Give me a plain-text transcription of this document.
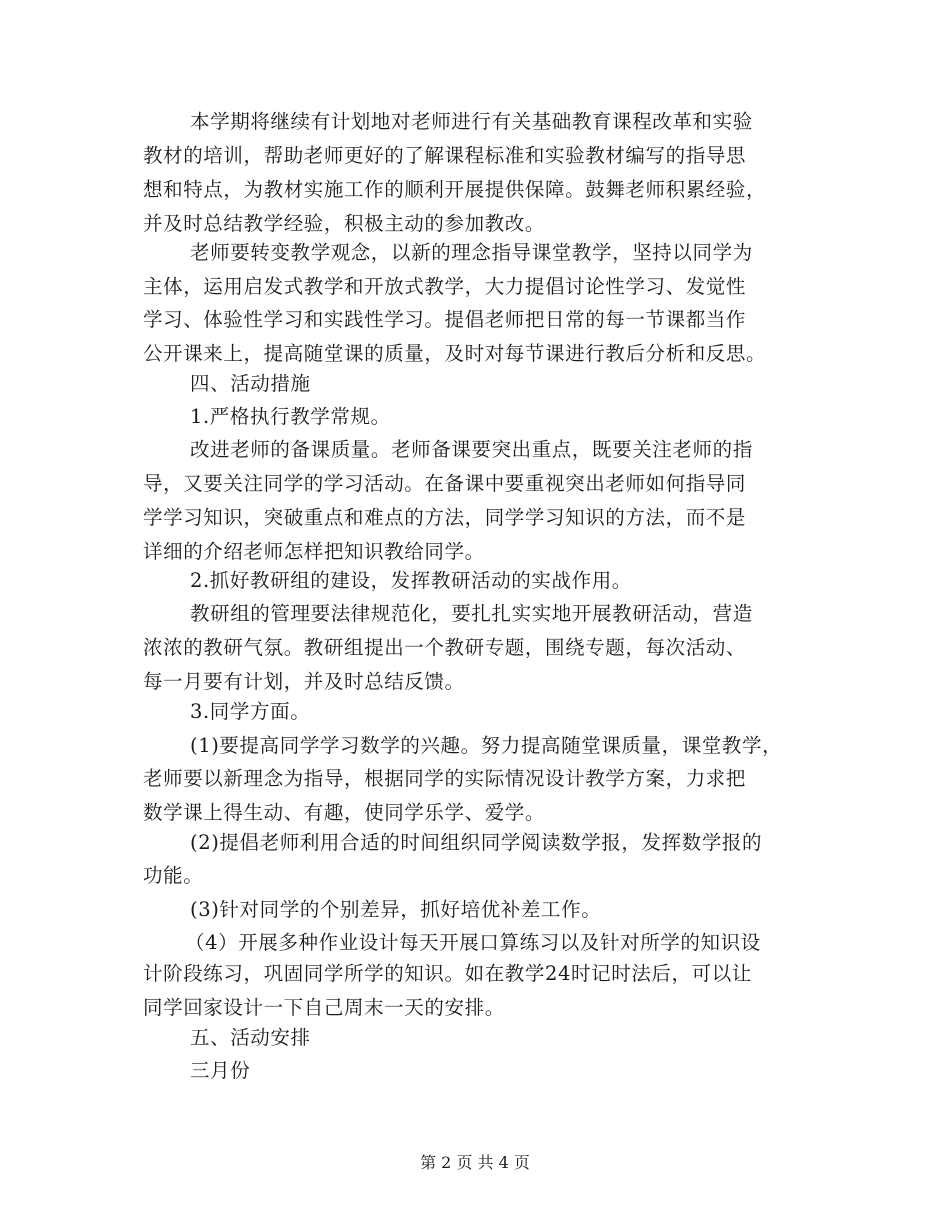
本学期将继续有计划地对老师进行有关基础教育课程改革和实验
教材的培训，帮助老师更好的了解课程标准和实验教材编写的指导思
想和特点，为教材实施工作的顺利开展提供保障。鼓舞老师积累经验，
并及时总结教学经验，积极主动的参加教改。
老师要转变教学观念，以新的理念指导课堂教学，坚持以同学为
主体，运用启发式教学和开放式教学，大力提倡讨论性学习、发觉性
学习、体验性学习和实践性学习。提倡老师把日常的每一节课都当作
公开课来上，提高随堂课的质量，及时对每节课进行教后分析和反思。
四、活动措施
1.严格执行教学常规。
改进老师的备课质量。老师备课要突出重点，既要关注老师的指
导，又要关注同学的学习活动。在备课中要重视突出老师如何指导同
学学习知识，突破重点和难点的方法，同学学习知识的方法，而不是
详细的介绍老师怎样把知识教给同学。
2.抓好教研组的建设，发挥教研活动的实战作用。
教研组的管理要法律规范化，要扎扎实实地开展教研活动，营造
浓浓的教研气氛。教研组提出一个教研专题，围绕专题，每次活动、
每一月要有计划，并及时总结反馈。
3.同学方面。
(1)要提高同学学习数学的兴趣。努力提高随堂课质量，课堂教学，
老师要以新理念为指导，根据同学的实际情况设计教学方案，力求把
数学课上得生动、有趣，使同学乐学、爱学。
(2)提倡老师利用合适的时间组织同学阅读数学报，发挥数学报的
功能。
(3)针对同学的个别差异，抓好培优补差工作。
（4）开展多种作业设计每天开展口算练习以及针对所学的知识设
计阶段练习，巩固同学所学的知识。如在教学24时记时法后，可以让
同学回家设计一下自己周末一天的安排。
五、活动安排
三月份
第 2 页 共 4 页
